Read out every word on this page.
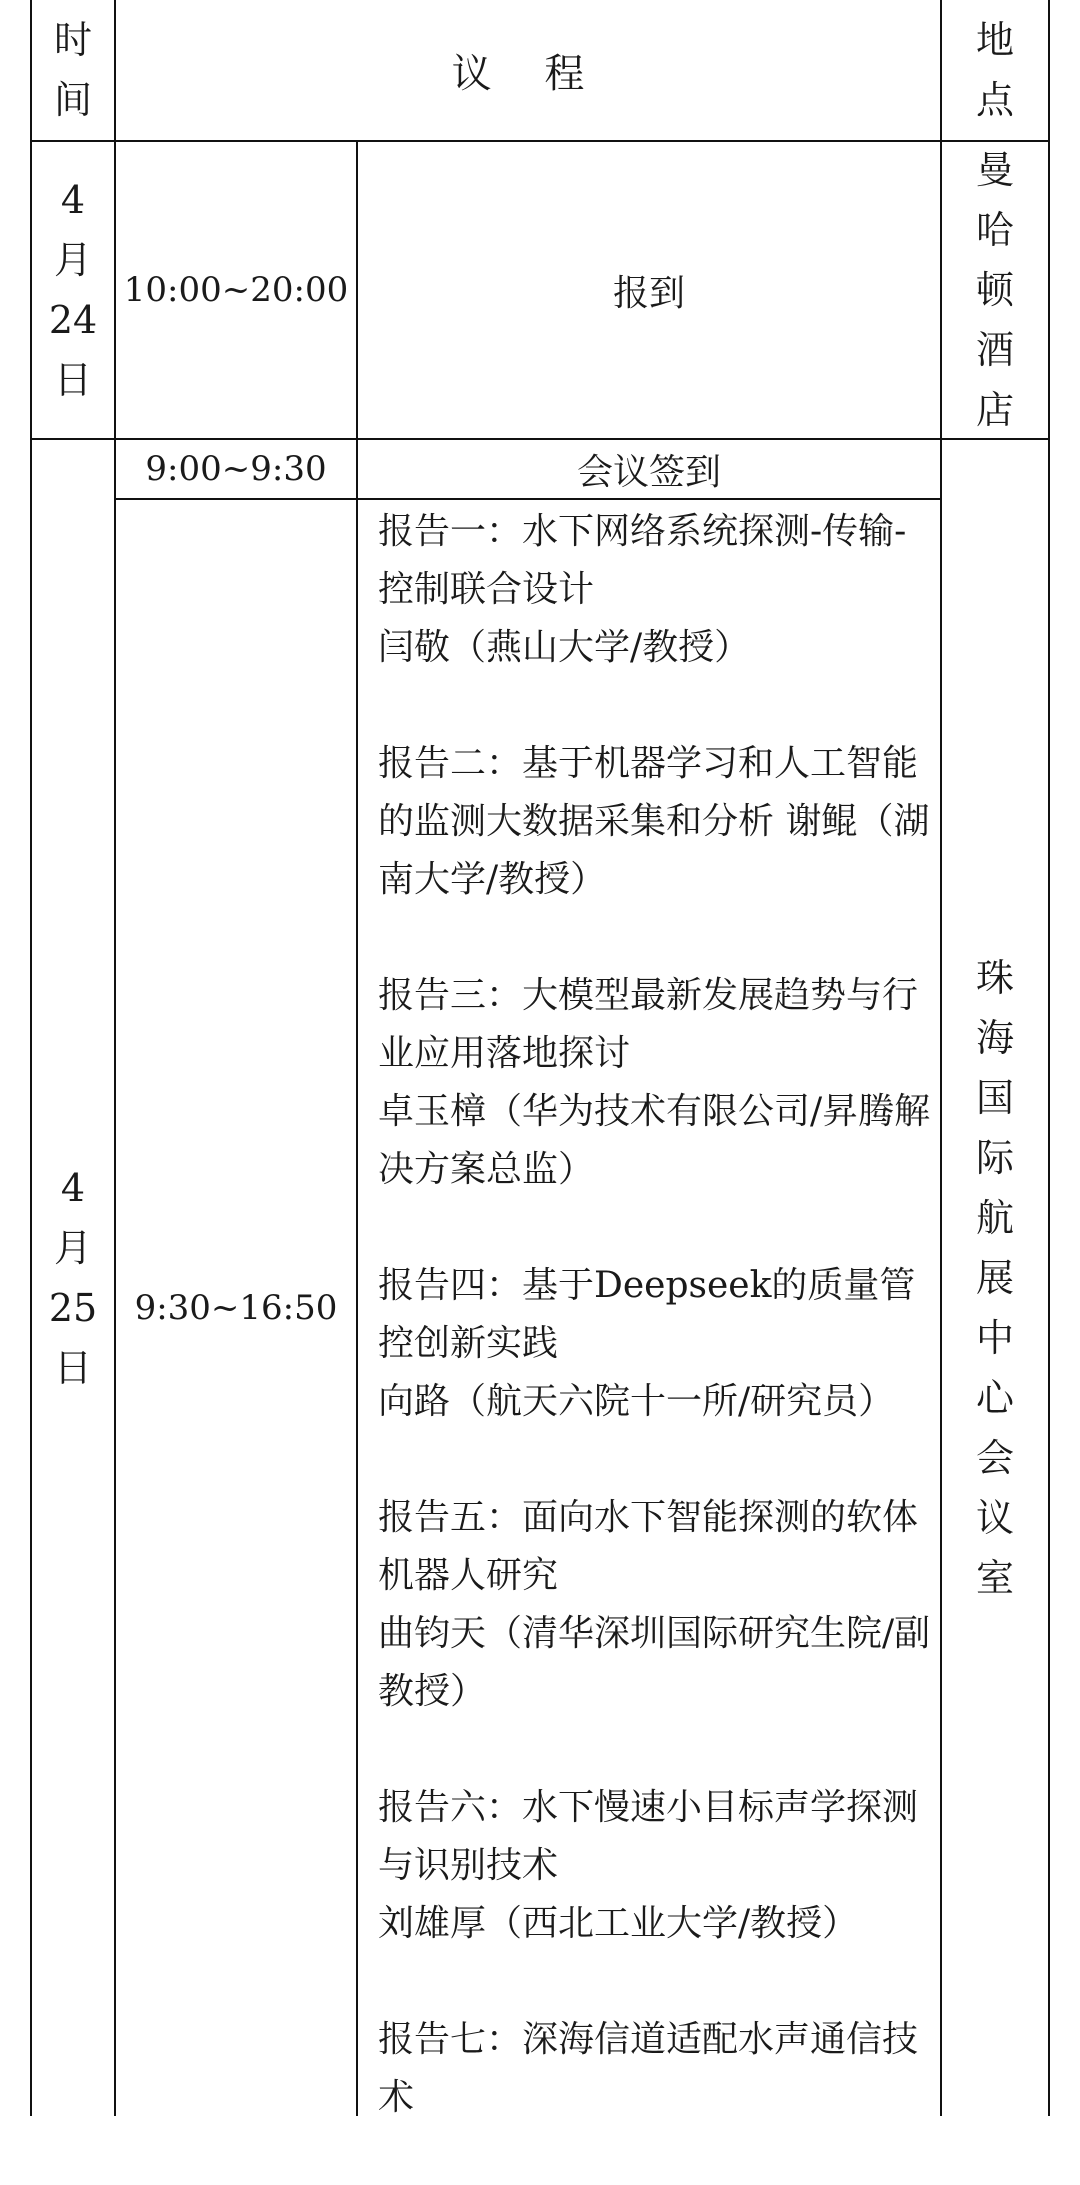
时
间
议 程
地
点
4
月
24
日
10:00~20:00	报到
曼
哈
顿
酒
店
4
月
25
日
9:00~9:30	会议签到
9:30~16:50

报告一：水下网络系统探测-传输-控制联合设计

闫敬（燕山大学/教授）

报告二：基于机器学习和人工智能的监测大数据采集和分析 谢鲲（湖南大学/教授）

报告三：大模型最新发展趋势与行业应用落地探讨

卓玉樟（华为技术有限公司/昇腾解决方案总监）

报告四：基于Deepseek的质量管控创新实践

向路（航天六院十一所/研究员）

报告五：面向水下智能探测的软体机器人研究

曲钧天（清华深圳国际研究生院/副教授）

报告六：水下慢速小目标声学探测与识别技术

刘雄厚（西北工业大学/教授）

报告七：深海信道适配水声通信技术

珠
海
国
际
航
展
中
心
会
议
室
